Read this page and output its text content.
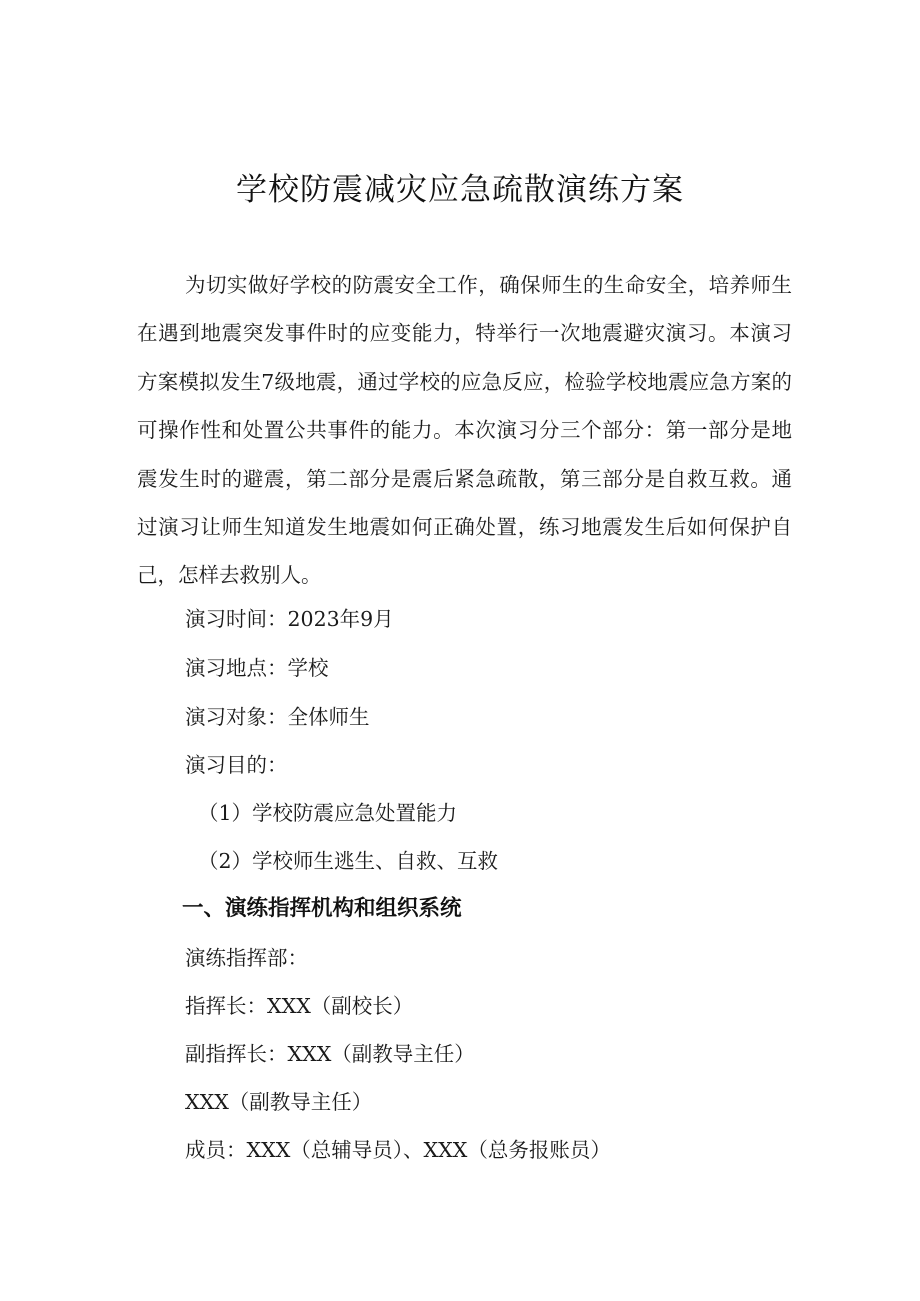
学校防震减灾应急疏散演练方案

为切实做好学校的防震安全工作，确保师生的生命安全，培养师生在遇到地震突发事件时的应变能力，特举行一次地震避灾演习。本演习方案模拟发生7级地震，通过学校的应急反应，检验学校地震应急方案的可操作性和处置公共事件的能力。本次演习分三个部分：第一部分是地震发生时的避震，第二部分是震后紧急疏散，第三部分是自救互救。通过演习让师生知道发生地震如何正确处置，练习地震发生后如何保护自己，怎样去救别人。

演习时间：2023年9月
演习地点：学校
演习对象：全体师生
演习目的：
（1）学校防震应急处置能力
（2）学校师生逃生、自救、互救
一、演练指挥机构和组织系统
演练指挥部：
指挥长：XXX（副校长）
副指挥长：XXX（副教导主任）
XXX（副教导主任）
成员：XXX（总辅导员）、XXX（总务报账员）
